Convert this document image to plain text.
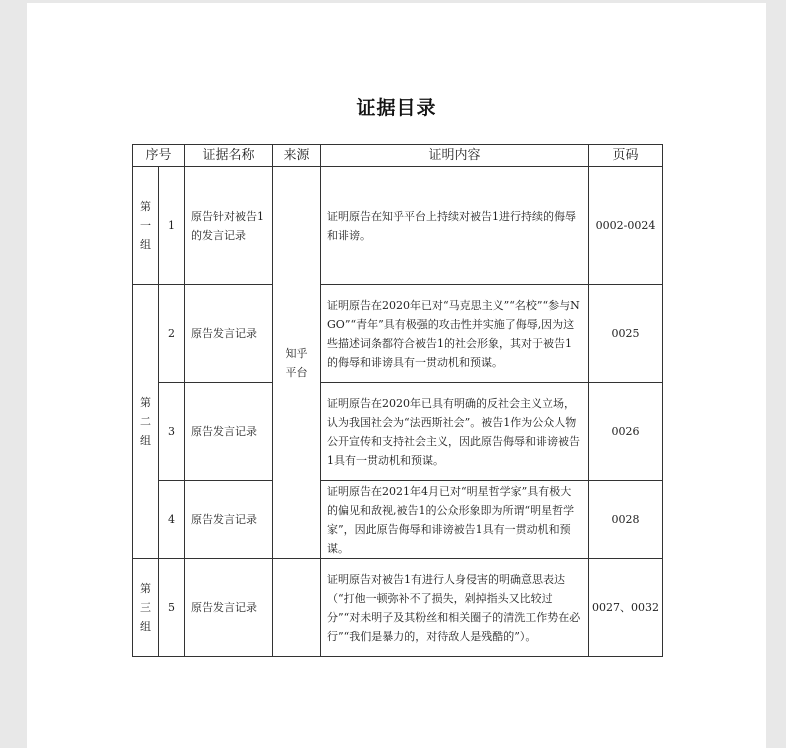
证据目录
序号		证据名称	来源	证明内容	页码
第一组	1	原告针对被告1的发言记录	知乎平台	证明原告在知乎平台上持续对被告1进行持续的侮辱和诽谤。	0002-0024
第二组	2	原告发言记录		证明原告在2020年已对“马克思主义”“名校”“参与NGO”“青年”具有极强的攻击性并实施了侮辱,因为这些描述词条都符合被告1的社会形象，其对于被告1 的侮辱和诽谤具有一贯动机和预谋。	0025
	3	原告发言记录		证明原告在2020年已具有明确的反社会主义立场，认为我国社会为“法西斯社会”。被告1作为公众人物公开宣传和支持社会主义，因此原告侮辱和诽谤被告1具有一贯动机和预谋。	0026
	4	原告发言记录		证明原告在2021年4月已对“明星哲学家”具有极大的偏见和敌视,被告1的公众形象即为所谓“明星哲学家”，因此原告侮辱和诽谤被告1具有一贯动机和预谋。	0028
第三组	5	原告发言记录		证明原告对被告1有进行人身侵害的明确意思表达（“打他一顿弥补不了损失，剁掉指头又比较过分”“对未明子及其粉丝和相关圈子的清洗工作势在必行”“我们是暴力的，对待敌人是残酷的”）。	0027、0032
